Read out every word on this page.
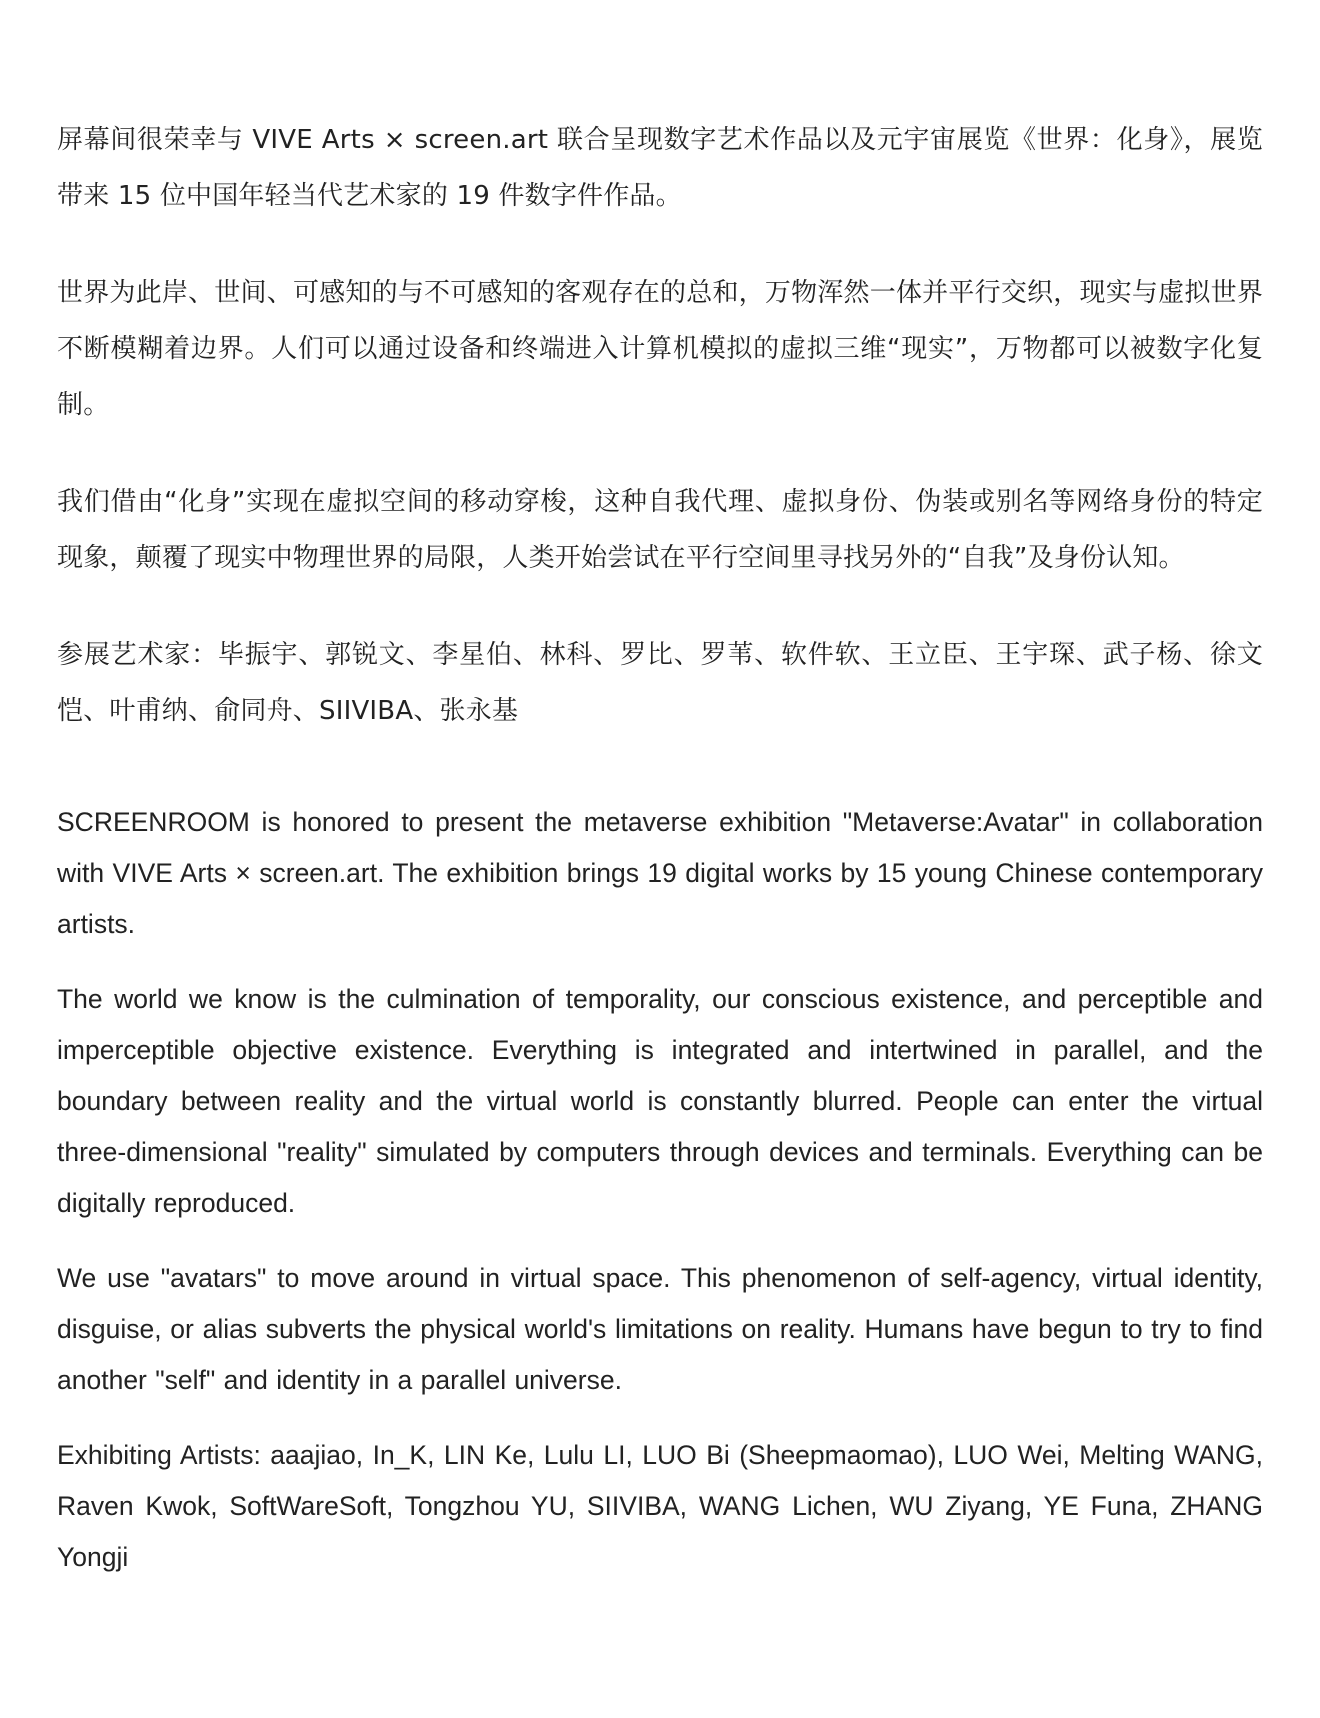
屏幕间很荣幸与 VIVE Arts × screen.art 联合呈现数字艺术作品以及元宇宙展览《世界：化身》，展览带来 15 位中国年轻当代艺术家的 19 件数字件作品。

世界为此岸、世间、可感知的与不可感知的客观存在的总和，万物浑然一体并平行交织，现实与虚拟世界不断模糊着边界。人们可以通过设备和终端进入计算机模拟的虚拟三维“现实”，万物都可以被数字化复制。

我们借由“化身”实现在虚拟空间的移动穿梭，这种自我代理、虚拟身份、伪装或别名等网络身份的特定现象，颠覆了现实中物理世界的局限，人类开始尝试在平行空间里寻找另外的“自我”及身份认知。

参展艺术家：毕振宇、郭锐文、李星伯、林科、罗比、罗苇、软件软、王立臣、王宇琛、武子杨、徐文恺、叶甫纳、俞同舟、SIIVIBA、张永基

SCREENROOM is honored to present the metaverse exhibition "Metaverse:Avatar" in collaboration with VIVE Arts × screen.art. The exhibition brings 19 digital works by 15 young Chinese contemporary artists.

The world we know is the culmination of temporality, our conscious existence, and perceptible and imperceptible objective existence. Everything is integrated and intertwined in parallel, and the boundary between reality and the virtual world is constantly blurred. People can enter the virtual three-dimensional "reality" simulated by computers through devices and terminals. Everything can be digitally reproduced.

We use "avatars" to move around in virtual space. This phenomenon of self-agency, virtual identity, disguise, or alias subverts the physical world's limitations on reality. Humans have begun to try to find another "self" and identity in a parallel universe.

Exhibiting Artists: aaajiao, In_K, LIN Ke, Lulu LI, LUO Bi (Sheepmaomao), LUO Wei, Melting WANG, Raven Kwok, SoftWareSoft, Tongzhou YU, SIIVIBA, WANG Lichen, WU Ziyang, YE Funa, ZHANG Yongji
